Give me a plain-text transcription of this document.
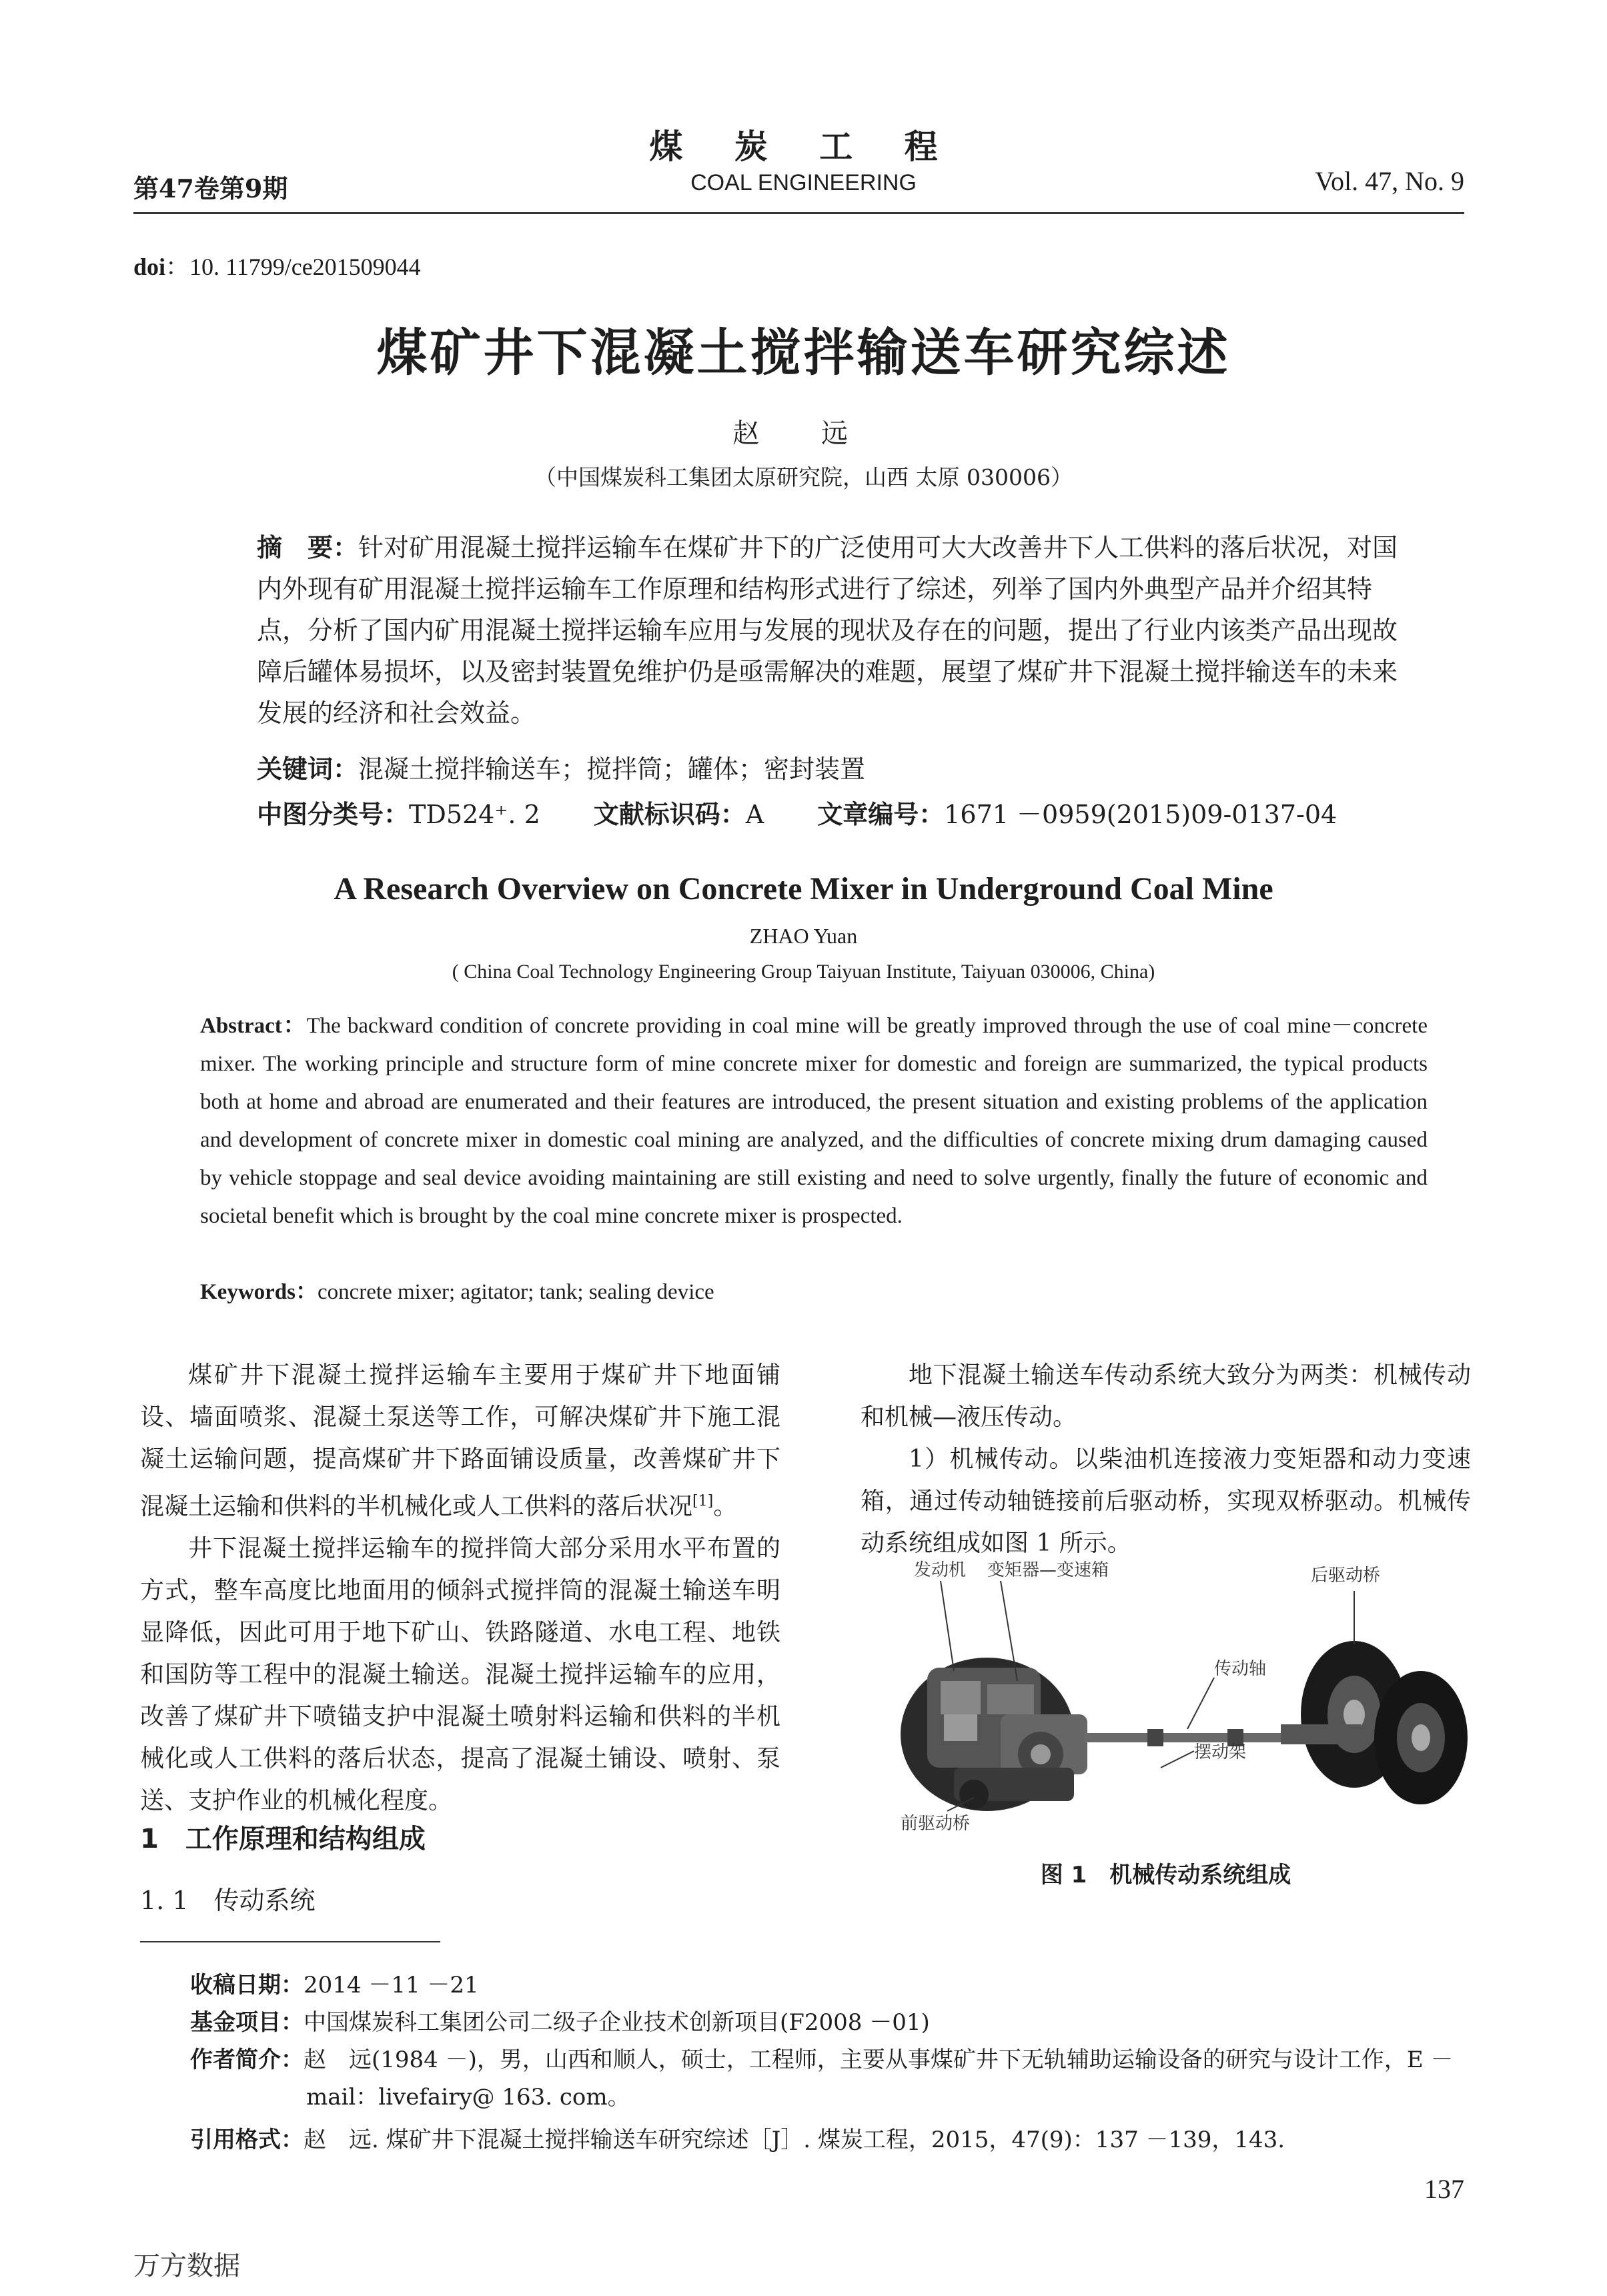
煤 炭 工 程
COAL ENGINEERING
第47卷第9期	Vol. 47, No. 9
doi：10. 11799/ce201509044
煤矿井下混凝土搅拌输送车研究综述
赵 远
（中国煤炭科工集团太原研究院，山西 太原 030006）
摘　要：针对矿用混凝土搅拌运输车在煤矿井下的广泛使用可大大改善井下人工供料的落后状况，对国内外现有矿用混凝土搅拌运输车工作原理和结构形式进行了综述，列举了国内外典型产品并介绍其特点，分析了国内矿用混凝土搅拌运输车应用与发展的现状及存在的问题，提出了行业内该类产品出现故障后罐体易损坏，以及密封装置免维护仍是亟需解决的难题，展望了煤矿井下混凝土搅拌输送车的未来发展的经济和社会效益。
关键词：混凝土搅拌输送车；搅拌筒；罐体；密封装置
中图分类号：TD524⁺. 2 文献标识码：A 文章编号：1671 －0959(2015)09-0137-04
A Research Overview on Concrete Mixer in Underground Coal Mine
ZHAO Yuan
( China Coal Technology Engineering Group Taiyuan Institute, Taiyuan 030006, China)
Abstract：The backward condition of concrete providing in coal mine will be greatly improved through the use of coal mine－concrete mixer. The working principle and structure form of mine concrete mixer for domestic and foreign are summarized, the typical products both at home and abroad are enumerated and their features are introduced, the present situation and existing problems of the application and development of concrete mixer in domestic coal mining are analyzed, and the difficulties of concrete mixing drum damaging caused by vehicle stoppage and seal device avoiding maintaining are still existing and need to solve urgently, finally the future of economic and societal benefit which is brought by the coal mine concrete mixer is prospected.
Keywords：concrete mixer; agitator; tank; sealing device

煤矿井下混凝土搅拌运输车主要用于煤矿井下地面铺设、墙面喷浆、混凝土泵送等工作，可解决煤矿井下施工混凝土运输问题，提高煤矿井下路面铺设质量，改善煤矿井下混凝土运输和供料的半机械化或人工供料的落后状况[1]。

井下混凝土搅拌运输车的搅拌筒大部分采用水平布置的方式，整车高度比地面用的倾斜式搅拌筒的混凝土输送车明显降低，因此可用于地下矿山、铁路隧道、水电工程、地铁和国防等工程中的混凝土输送。混凝土搅拌运输车的应用，改善了煤矿井下喷锚支护中混凝土喷射料运输和供料的半机械化或人工供料的落后状态，提高了混凝土铺设、喷射、泵送、支护作业的机械化程度。

1　工作原理和结构组成
1. 1　传动系统

地下混凝土输送车传动系统大致分为两类：机械传动和机械—液压传动。

1）机械传动。以柴油机连接液力变矩器和动力变速箱，通过传动轴链接前后驱动桥，实现双桥驱动。机械传动系统组成如图 1 所示。

后驱动桥
发动机 变矩器—变速箱
传动轴
摆动架
前驱动桥
图 1　机械传动系统组成
收稿日期：2014 －11 －21
基金项目：中国煤炭科工集团公司二级子企业技术创新项目(F2008 －01)
作者简介：赵　远(1984 －)，男，山西和顺人，硕士，工程师，主要从事煤矿井下无轨辅助运输设备的研究与设计工作，E －mail：livefairy@ 163. com。
引用格式：赵　远. 煤矿井下混凝土搅拌输送车研究综述［J］. 煤炭工程，2015，47(9)：137 －139，143.
137
万方数据
